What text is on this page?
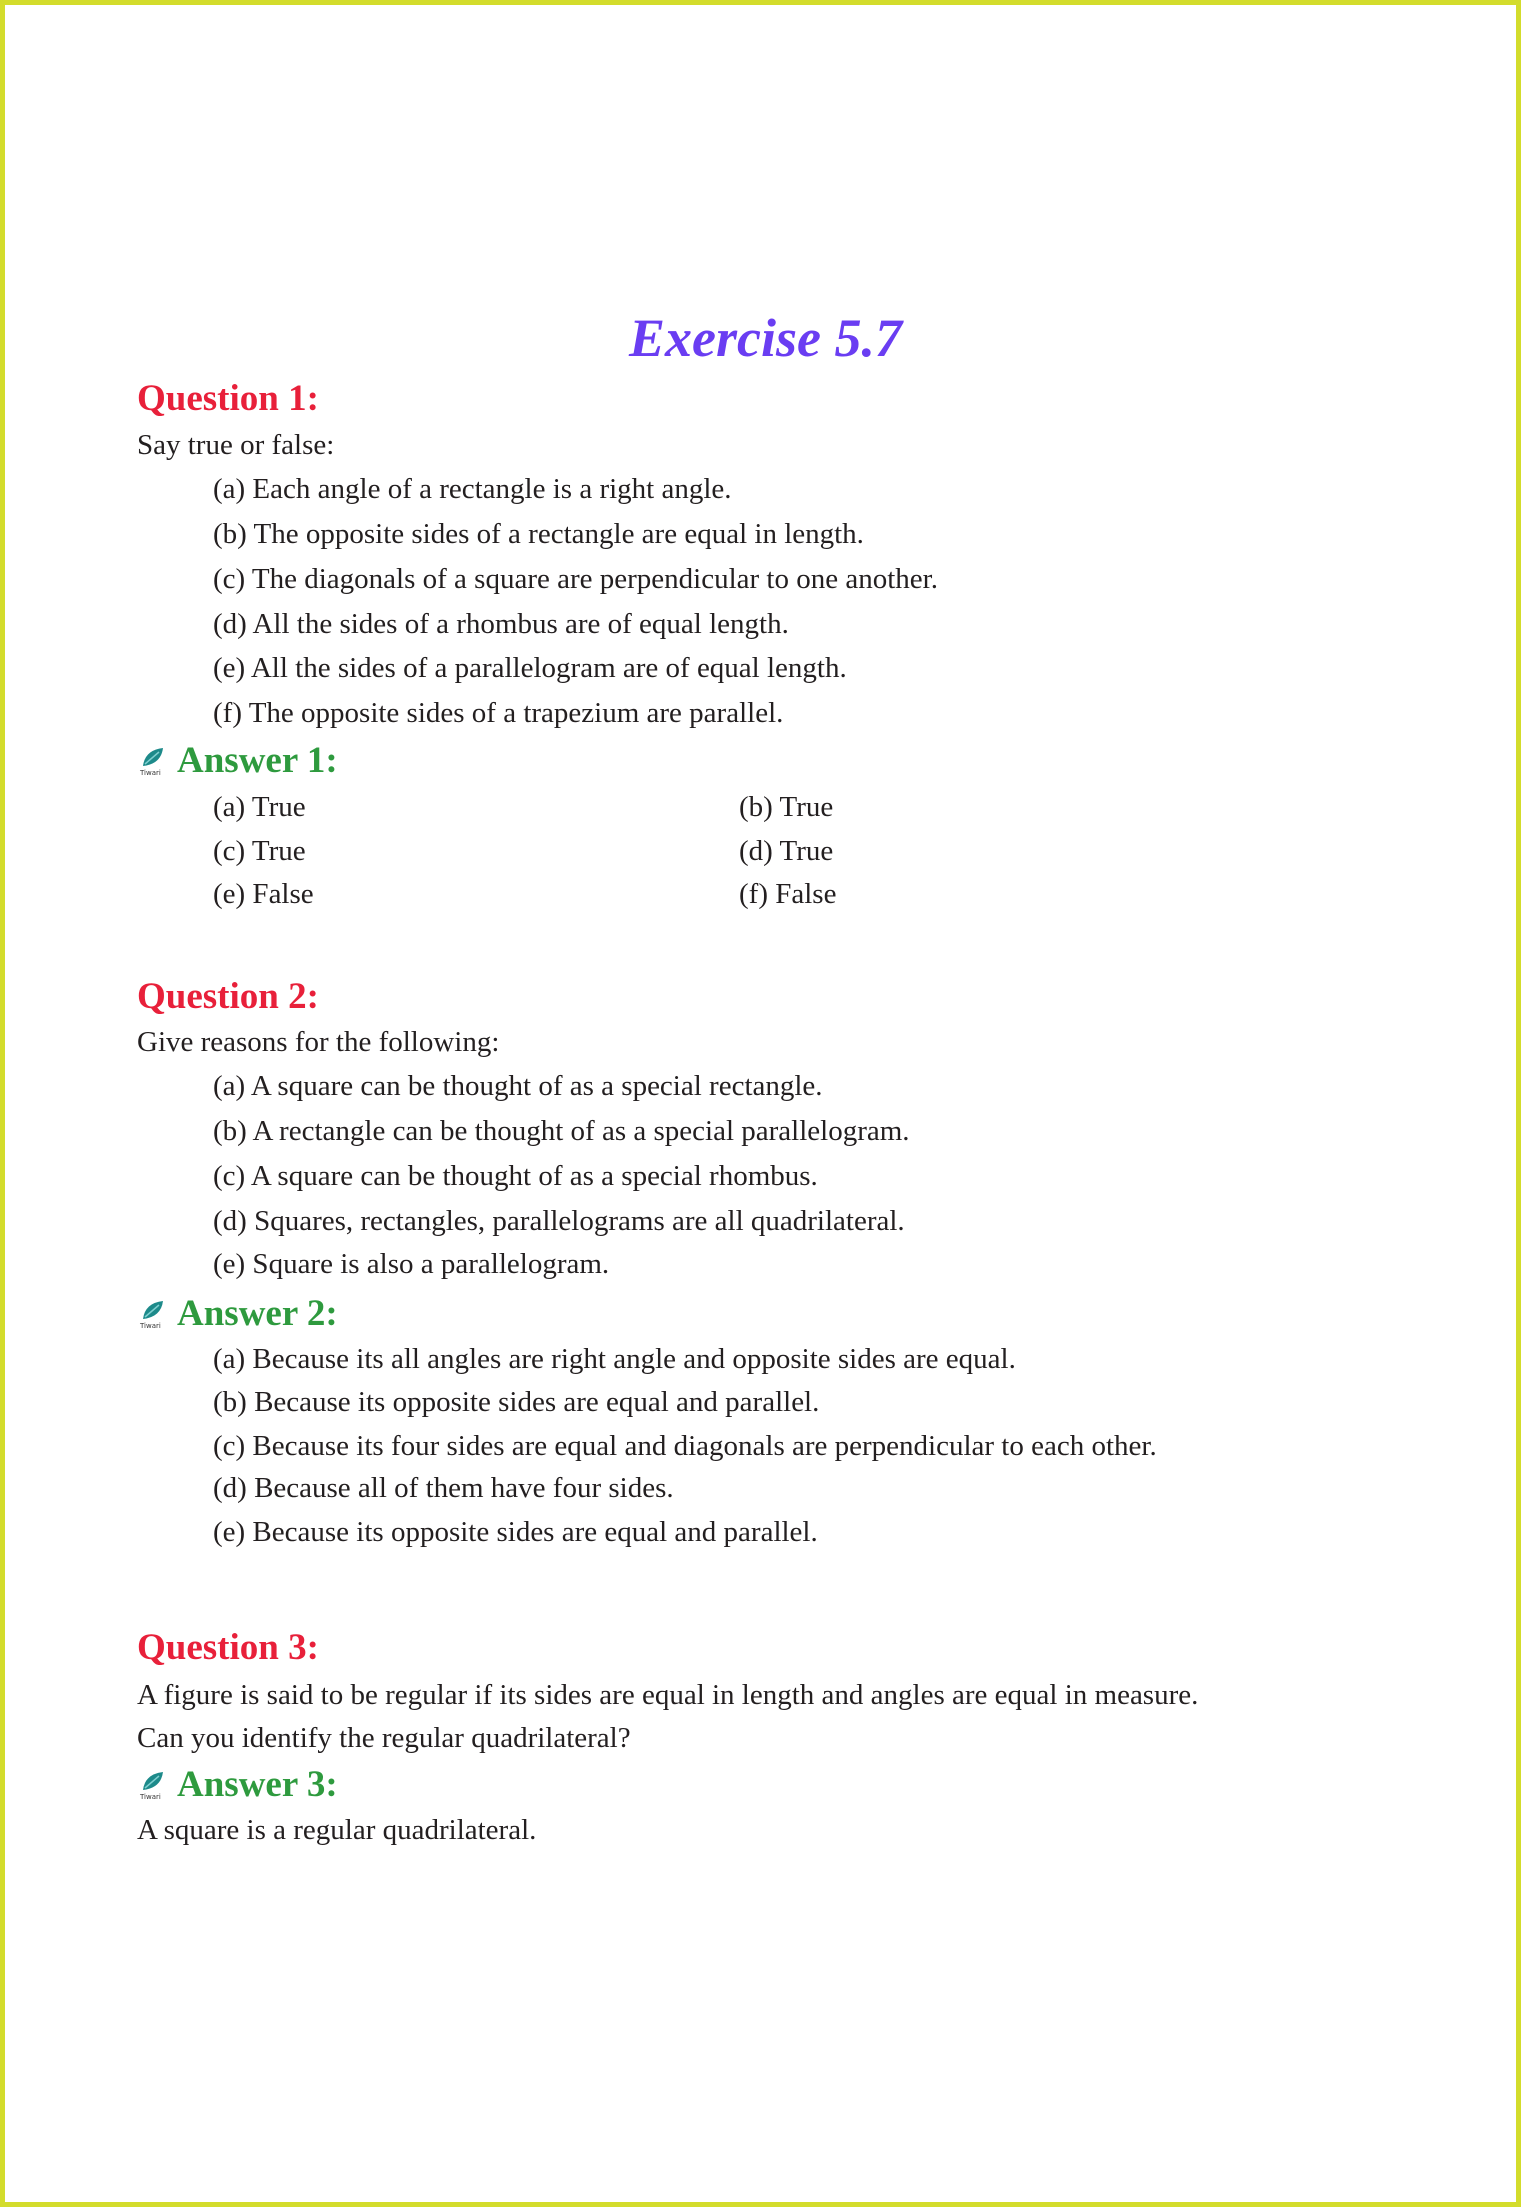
Exercise 5.7
Question 1:
Say true or false:
(a) Each angle of a rectangle is a right angle.
(b) The opposite sides of a rectangle are equal in length.
(c) The diagonals of a square are perpendicular to one another.
(d) All the sides of a rhombus are of equal length.
(e) All the sides of a parallelogram are of equal length.
(f) The opposite sides of a trapezium are parallel.
Tiwari Answer 1:
(a) True	(b) True
(c) True	(d) True
(e) False	(f) False
Question 2:
Give reasons for the following:
(a) A square can be thought of as a special rectangle.
(b) A rectangle can be thought of as a special parallelogram.
(c) A square can be thought of as a special rhombus.
(d) Squares, rectangles, parallelograms are all quadrilateral.
(e) Square is also a parallelogram.
Tiwari Answer 2:
(a) Because its all angles are right angle and opposite sides are equal.
(b) Because its opposite sides are equal and parallel.
(c) Because its four sides are equal and diagonals are perpendicular to each other.
(d) Because all of them have four sides.
(e) Because its opposite sides are equal and parallel.
Question 3:
A figure is said to be regular if its sides are equal in length and angles are equal in measure.
Can you identify the regular quadrilateral?
Tiwari Answer 3:
A square is a regular quadrilateral.
